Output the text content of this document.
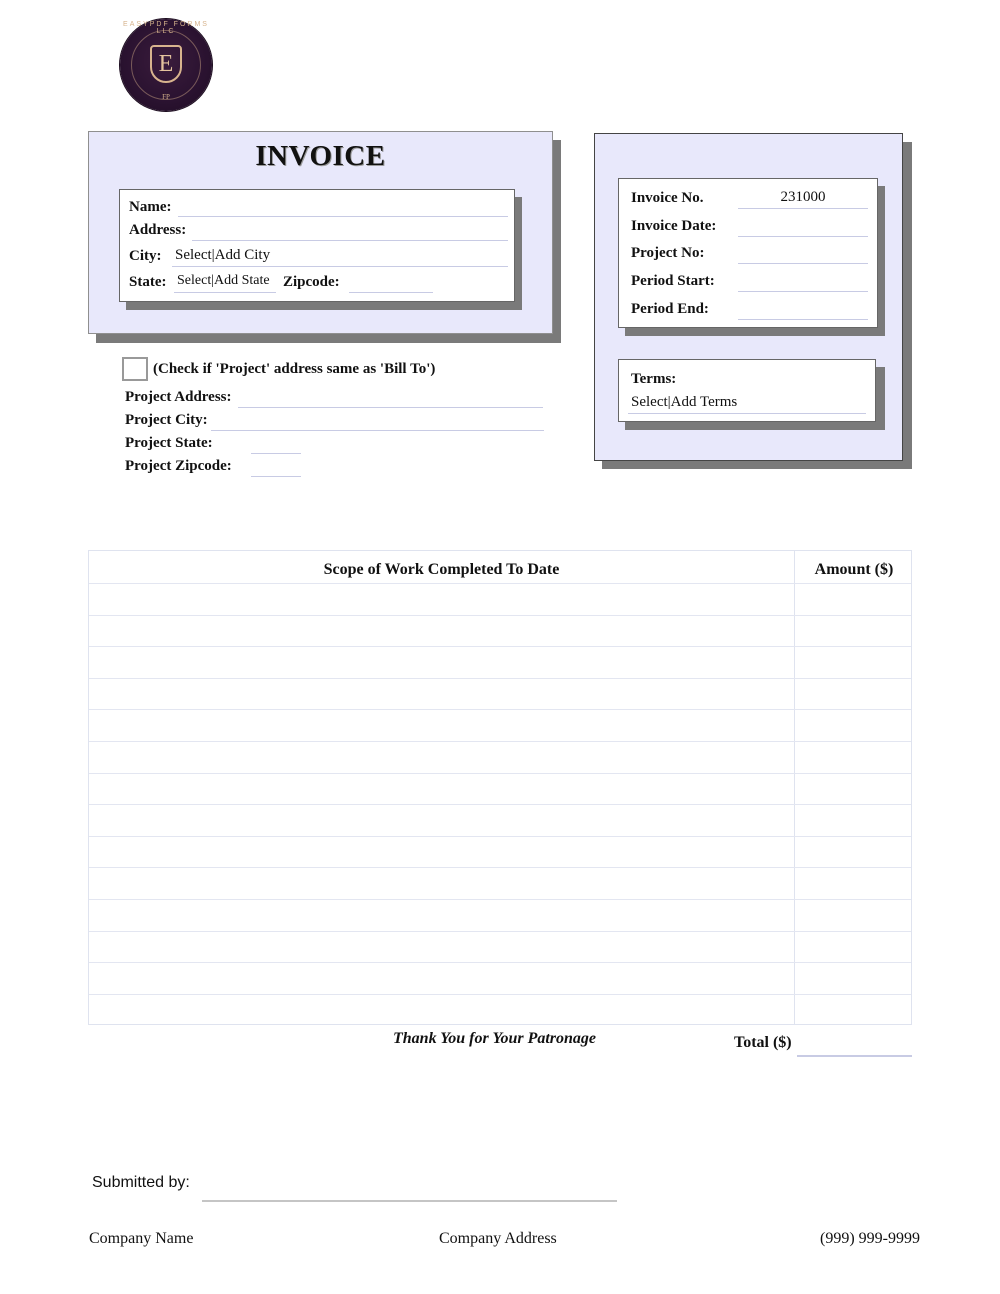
EASYPDF FORMS LLC
E
FP
INVOICE
Name:
Address:
City: Select|Add City
State: Select|Add State Zipcode:
Invoice No.	231000
Invoice Date:
Project No:
Period Start:
Period End:
Terms:
Select|Add Terms
(Check if 'Project' address same as 'Bill To')
Project Address:
Project City:
Project State:
Project Zipcode:
Scope of Work Completed To Date	Amount ($)
Thank You for Your Patronage	Total ($)
Submitted by:
Company Name	Company Address	(999) 999-9999
